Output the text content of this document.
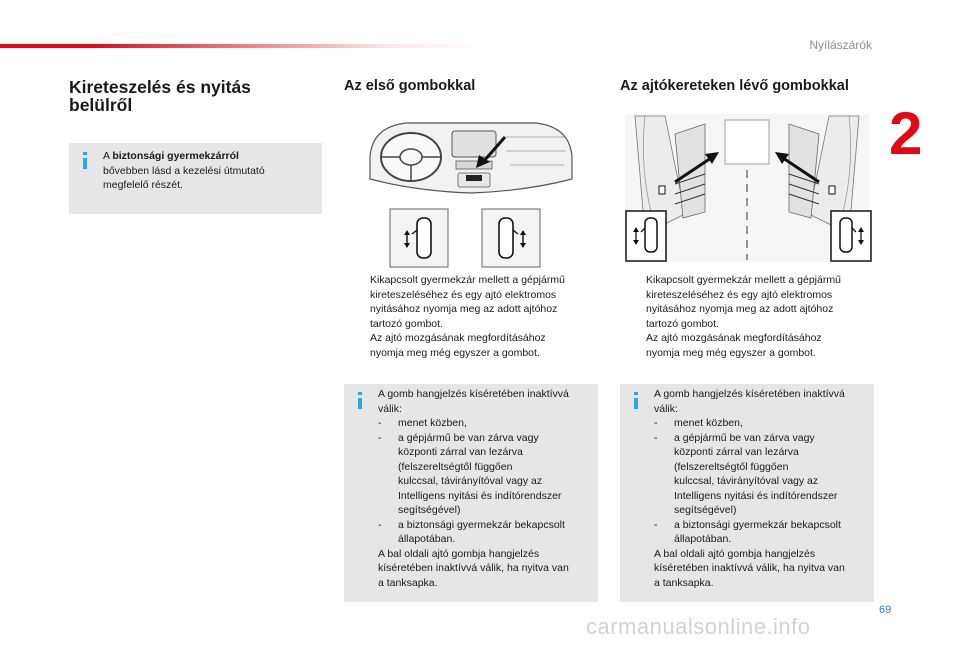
Nyílászárók
2
Kireteszelés és nyitás
belülről
A biztonsági gyermekzárról
bővebben lásd a kezelési útmutató
megfelelő részét.
Az első gombokkal
Kikapcsolt gyermekzár mellett a gépjármű
kireteszeléséhez és egy ajtó elektromos
nyitásához nyomja meg az adott ajtóhoz
tartozó gombot.
Az ajtó mozgásának megfordításához
nyomja meg még egyszer a gombot.
A gomb hangjelzés kíséretében inaktívvá
válik:
- menet közben,
- a gépjármű be van zárva vagy
központi zárral van lezárva
(felszereltségtől függően
kulccsal, távirányítóval vagy az
Intelligens nyitási és indítórendszer
segítségével)
- a biztonsági gyermekzár bekapcsolt
állapotában.
A bal oldali ajtó gombja hangjelzés
kíséretében inaktívvá válik, ha nyitva van
a tanksapka.
Az ajtókereteken lévő gombokkal
Kikapcsolt gyermekzár mellett a gépjármű
kireteszeléséhez és egy ajtó elektromos
nyitásához nyomja meg az adott ajtóhoz
tartozó gombot.
Az ajtó mozgásának megfordításához
nyomja meg még egyszer a gombot.
A gomb hangjelzés kíséretében inaktívvá
válik:
- menet közben,
- a gépjármű be van zárva vagy
központi zárral van lezárva
(felszereltségtől függően
kulccsal, távirányítóval vagy az
Intelligens nyitási és indítórendszer
segítségével)
- a biztonsági gyermekzár bekapcsolt
állapotában.
A bal oldali ajtó gombja hangjelzés
kíséretében inaktívvá válik, ha nyitva van
a tanksapka.
69
carmanualsonline.info
